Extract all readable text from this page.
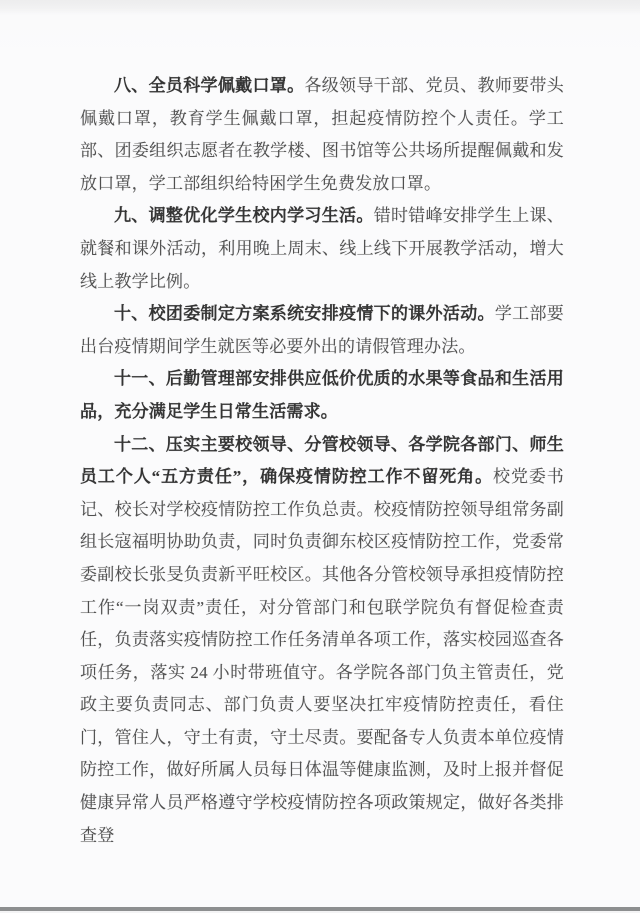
八、全员科学佩戴口罩。各级领导干部、党员、教师要带头佩戴口罩，教育学生佩戴口罩，担起疫情防控个人责任。学工部、团委组织志愿者在教学楼、图书馆等公共场所提醒佩戴和发放口罩，学工部组织给特困学生免费发放口罩。

九、调整优化学生校内学习生活。错时错峰安排学生上课、就餐和课外活动，利用晚上周末、线上线下开展教学活动，增大线上教学比例。

十、校团委制定方案系统安排疫情下的课外活动。学工部要出台疫情期间学生就医等必要外出的请假管理办法。

十一、后勤管理部安排供应低价优质的水果等食品和生活用品，充分满足学生日常生活需求。

十二、压实主要校领导、分管校领导、各学院各部门、师生员工个人“五方责任”，确保疫情防控工作不留死角。校党委书记、校长对学校疫情防控工作负总责。校疫情防控领导组常务副组长寇福明协助负责，同时负责御东校区疫情防控工作，党委常委副校长张旻负责新平旺校区。其他各分管校领导承担疫情防控工作“一岗双责”责任，对分管部门和包联学院负有督促检查责任，负责落实疫情防控工作任务清单各项工作，落实校园巡查各项任务，落实 24 小时带班值守。各学院各部门负主管责任，党政主要负责同志、部门负责人要坚决扛牢疫情防控责任，看住门，管住人，守土有责，守土尽责。要配备专人负责本单位疫情防控工作，做好所属人员每日体温等健康监测，及时上报并督促健康异常人员严格遵守学校疫情防控各项政策规定，做好各类排查登
